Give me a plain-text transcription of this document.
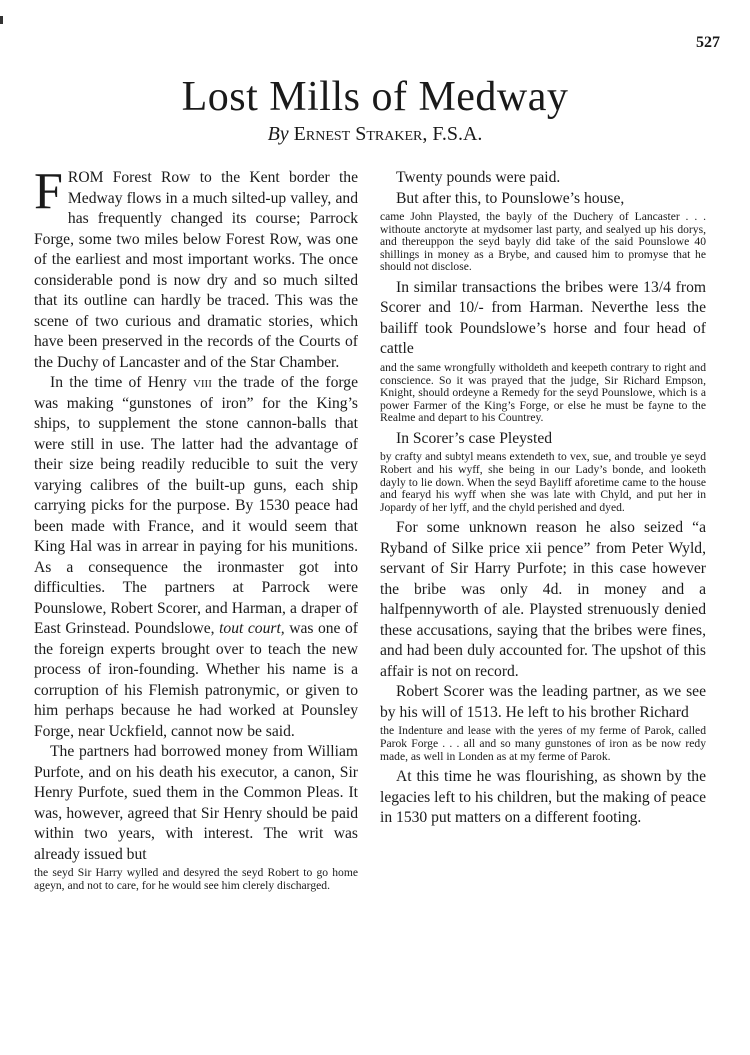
527
Lost Mills of Medway
By Ernest Straker, F.S.A.

FROM Forest Row to the Kent border the Medway flows in a much silted-up valley, and has frequently changed its course; Parrock Forge, some two miles below Forest Row, was one of the earliest and most important works. The once considerable pond is now dry and so much silted that its outline can hardly be traced. This was the scene of two curious and dramatic stories, which have been preserved in the records of the Courts of the Duchy of Lancaster and of the Star Chamber.

In the time of Henry viii the trade of the forge was making “gunstones of iron” for the King’s ships, to supplement the stone cannon-balls that were still in use. The latter had the advantage of their size being readily reducible to suit the very varying calibres of the built-up guns, each ship carrying picks for the purpose. By 1530 peace had been made with France, and it would seem that King Hal was in arrear in paying for his munitions. As a consequence the ironmaster got into difficulties. The partners at Parrock were Pounslowe, Robert Scorer, and Harman, a draper of East Grinstead. Poundslowe, tout court, was one of the foreign experts brought over to teach the new process of iron-founding. Whether his name is a corruption of his Flemish patronymic, or given to him perhaps because he had worked at Pounsley Forge, near Uckfield, cannot now be said.

The partners had borrowed money from William Purfote, and on his death his executor, a canon, Sir Henry Purfote, sued them in the Common Pleas. It was, however, agreed that Sir Henry should be paid within two years, with interest. The writ was already issued but

the seyd Sir Harry wylled and desyred the seyd Robert to go home ageyn, and not to care, for he would see him clerely discharged.

Twenty pounds were paid.

But after this, to Pounslowe’s house,

came John Playsted, the bayly of the Duchery of Lancaster . . . withoute anctoryte at mydsomer last party, and sealyed up his dorys, and thereuppon the seyd bayly did take of the said Pounslowe 40 shillings in money as a Brybe, and caused him to promyse that he should not disclose.

In similar transactions the bribes were 13/4 from Scorer and 10/- from Harman. Neverthe less the bailiff took Poundslowe’s horse and four head of cattle

and the same wrongfully witholdeth and keepeth contrary to right and conscience. So it was prayed that the judge, Sir Richard Empson, Knight, should ordeyne a Remedy for the seyd Pounslowe, which is a power Farmer of the King’s Forge, or else he must be fayne to the Realme and depart to his Countrey.

In Scorer’s case Pleysted

by crafty and subtyl means extendeth to vex, sue, and trouble ye seyd Robert and his wyff, she being in our Lady’s bonde, and looketh dayly to lie down. When the seyd Bayliff aforetime came to the house and fearyd his wyff when she was late with Chyld, and put her in Jopardy of her lyff, and the chyld perished and dyed.

For some unknown reason he also seized “a Ryband of Silke price xii pence” from Peter Wyld, servant of Sir Harry Purfote; in this case however the bribe was only 4d. in money and a halfpennyworth of ale. Playsted strenuously denied these accusations, saying that the bribes were fines, and had been duly accounted for. The upshot of this affair is not on record.

Robert Scorer was the leading partner, as we see by his will of 1513. He left to his brother Richard

the Indenture and lease with the yeres of my ferme of Parok, called Parok Forge . . . all and so many gunstones of iron as be now redy made, as well in Londen as at my ferme of Parok.

At this time he was flourishing, as shown by the legacies left to his children, but the making of peace in 1530 put matters on a different footing.
